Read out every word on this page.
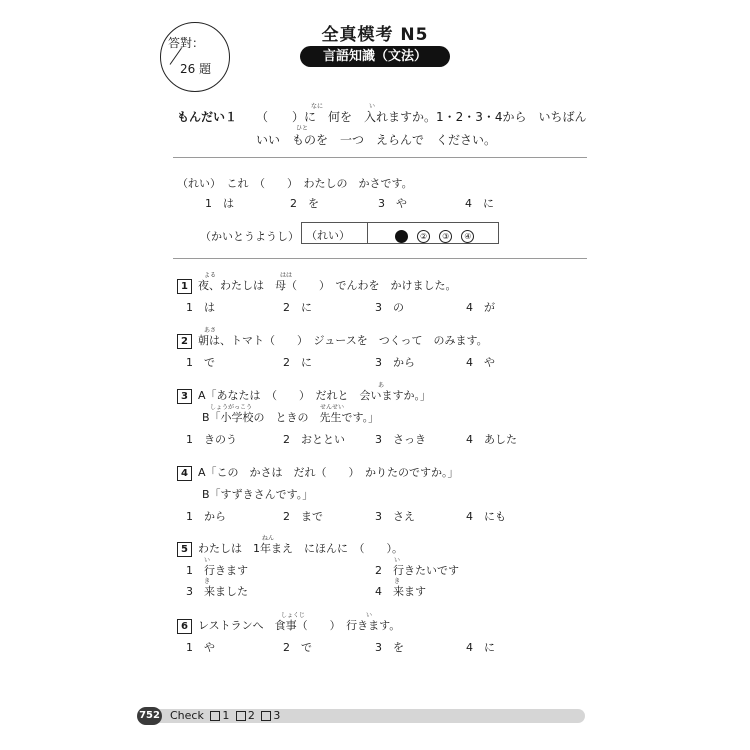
答對：
26 題
全真模考 N5
言語知識（文法）
なに	い
ひと
もんだい１ （　　）に　何を　入れますか。1・2・3・4から　いちばん
いい　ものを　一つ　えらんで　ください。
（れい）　これ　（　　）　わたしの　かさです。
1　は	2　を	3　や	4　に
（かいとうようし） （れい）	② ③ ④
よる	はは
1 夜、わたしは　母（　　）　でんわを　かけました。
1　は	2　に	3　の	4　が
あさ
2 朝は、トマト（　　）　ジュースを　つくって　のみます。
1　で	2　に	3　から	4　や
あ
3 A「あなたは　（　　）　だれと　会いますか。」
しょうがっこう	せんせい
B「小学校の　ときの　先生です。」
1　きのう	2　おととい	3　さっき	4　あした
4 A「この　かさは　だれ（　　）　かりたのですか。」
B「すずきさんです。」
1　から	2　まで	3　さえ	4　にも
ねん
5 わたしは　1年まえ　にほんに　（　　）。
い	い
1　行きます	2　行きたいです
き	き
3　来ました	4　来ます
しょくじ	い
6 レストランへ　食事（　　）　行きます。
1　や	2　で	3　を	4　に
752 Check 1 2 3
